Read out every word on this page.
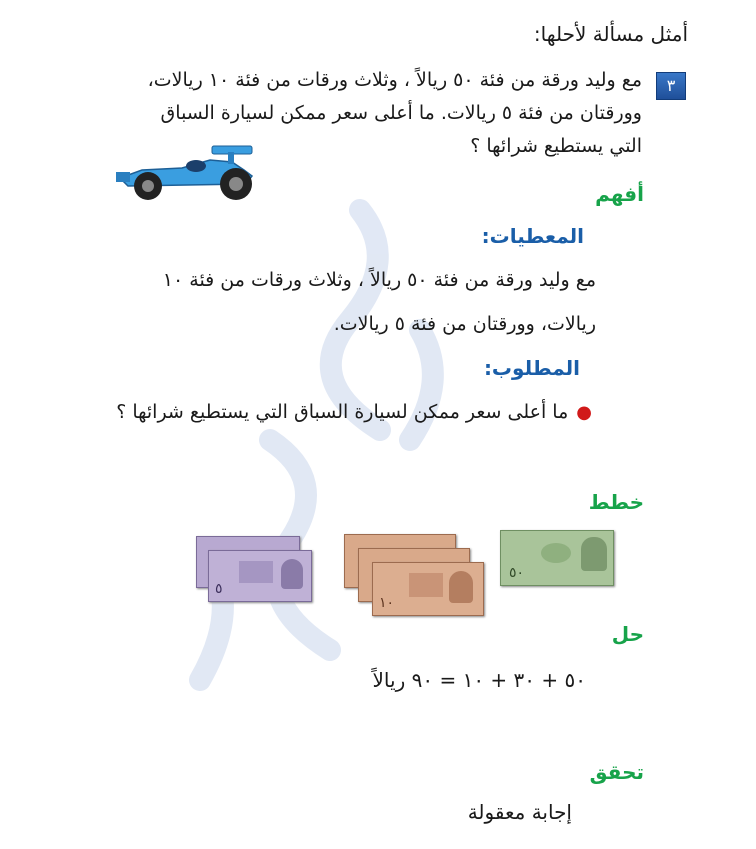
أمثل مسألة لأحلها:
٣
مع وليد ورقة من فئة ٥٠ ريالاً ، وثلاث ورقات من فئة ١٠ ريالات، وورقتان من فئة ٥ ريالات. ما أعلى سعر ممكن لسيارة السباق التي يستطيع شرائها ؟
أفهم
المعطيات:
مع وليد ورقة من فئة ٥٠ ريالاً ، وثلاث ورقات من فئة ١٠ ريالات، وورقتان من فئة ٥ ريالات.
المطلوب:
●ما أعلى سعر ممكن لسيارة السباق التي يستطيع شرائها ؟
خطط
٥٠
١٠
٥
حل
٥٠ + ٣٠ + ١٠ = ٩٠ ريالاً
تحقق
إجابة معقولة
